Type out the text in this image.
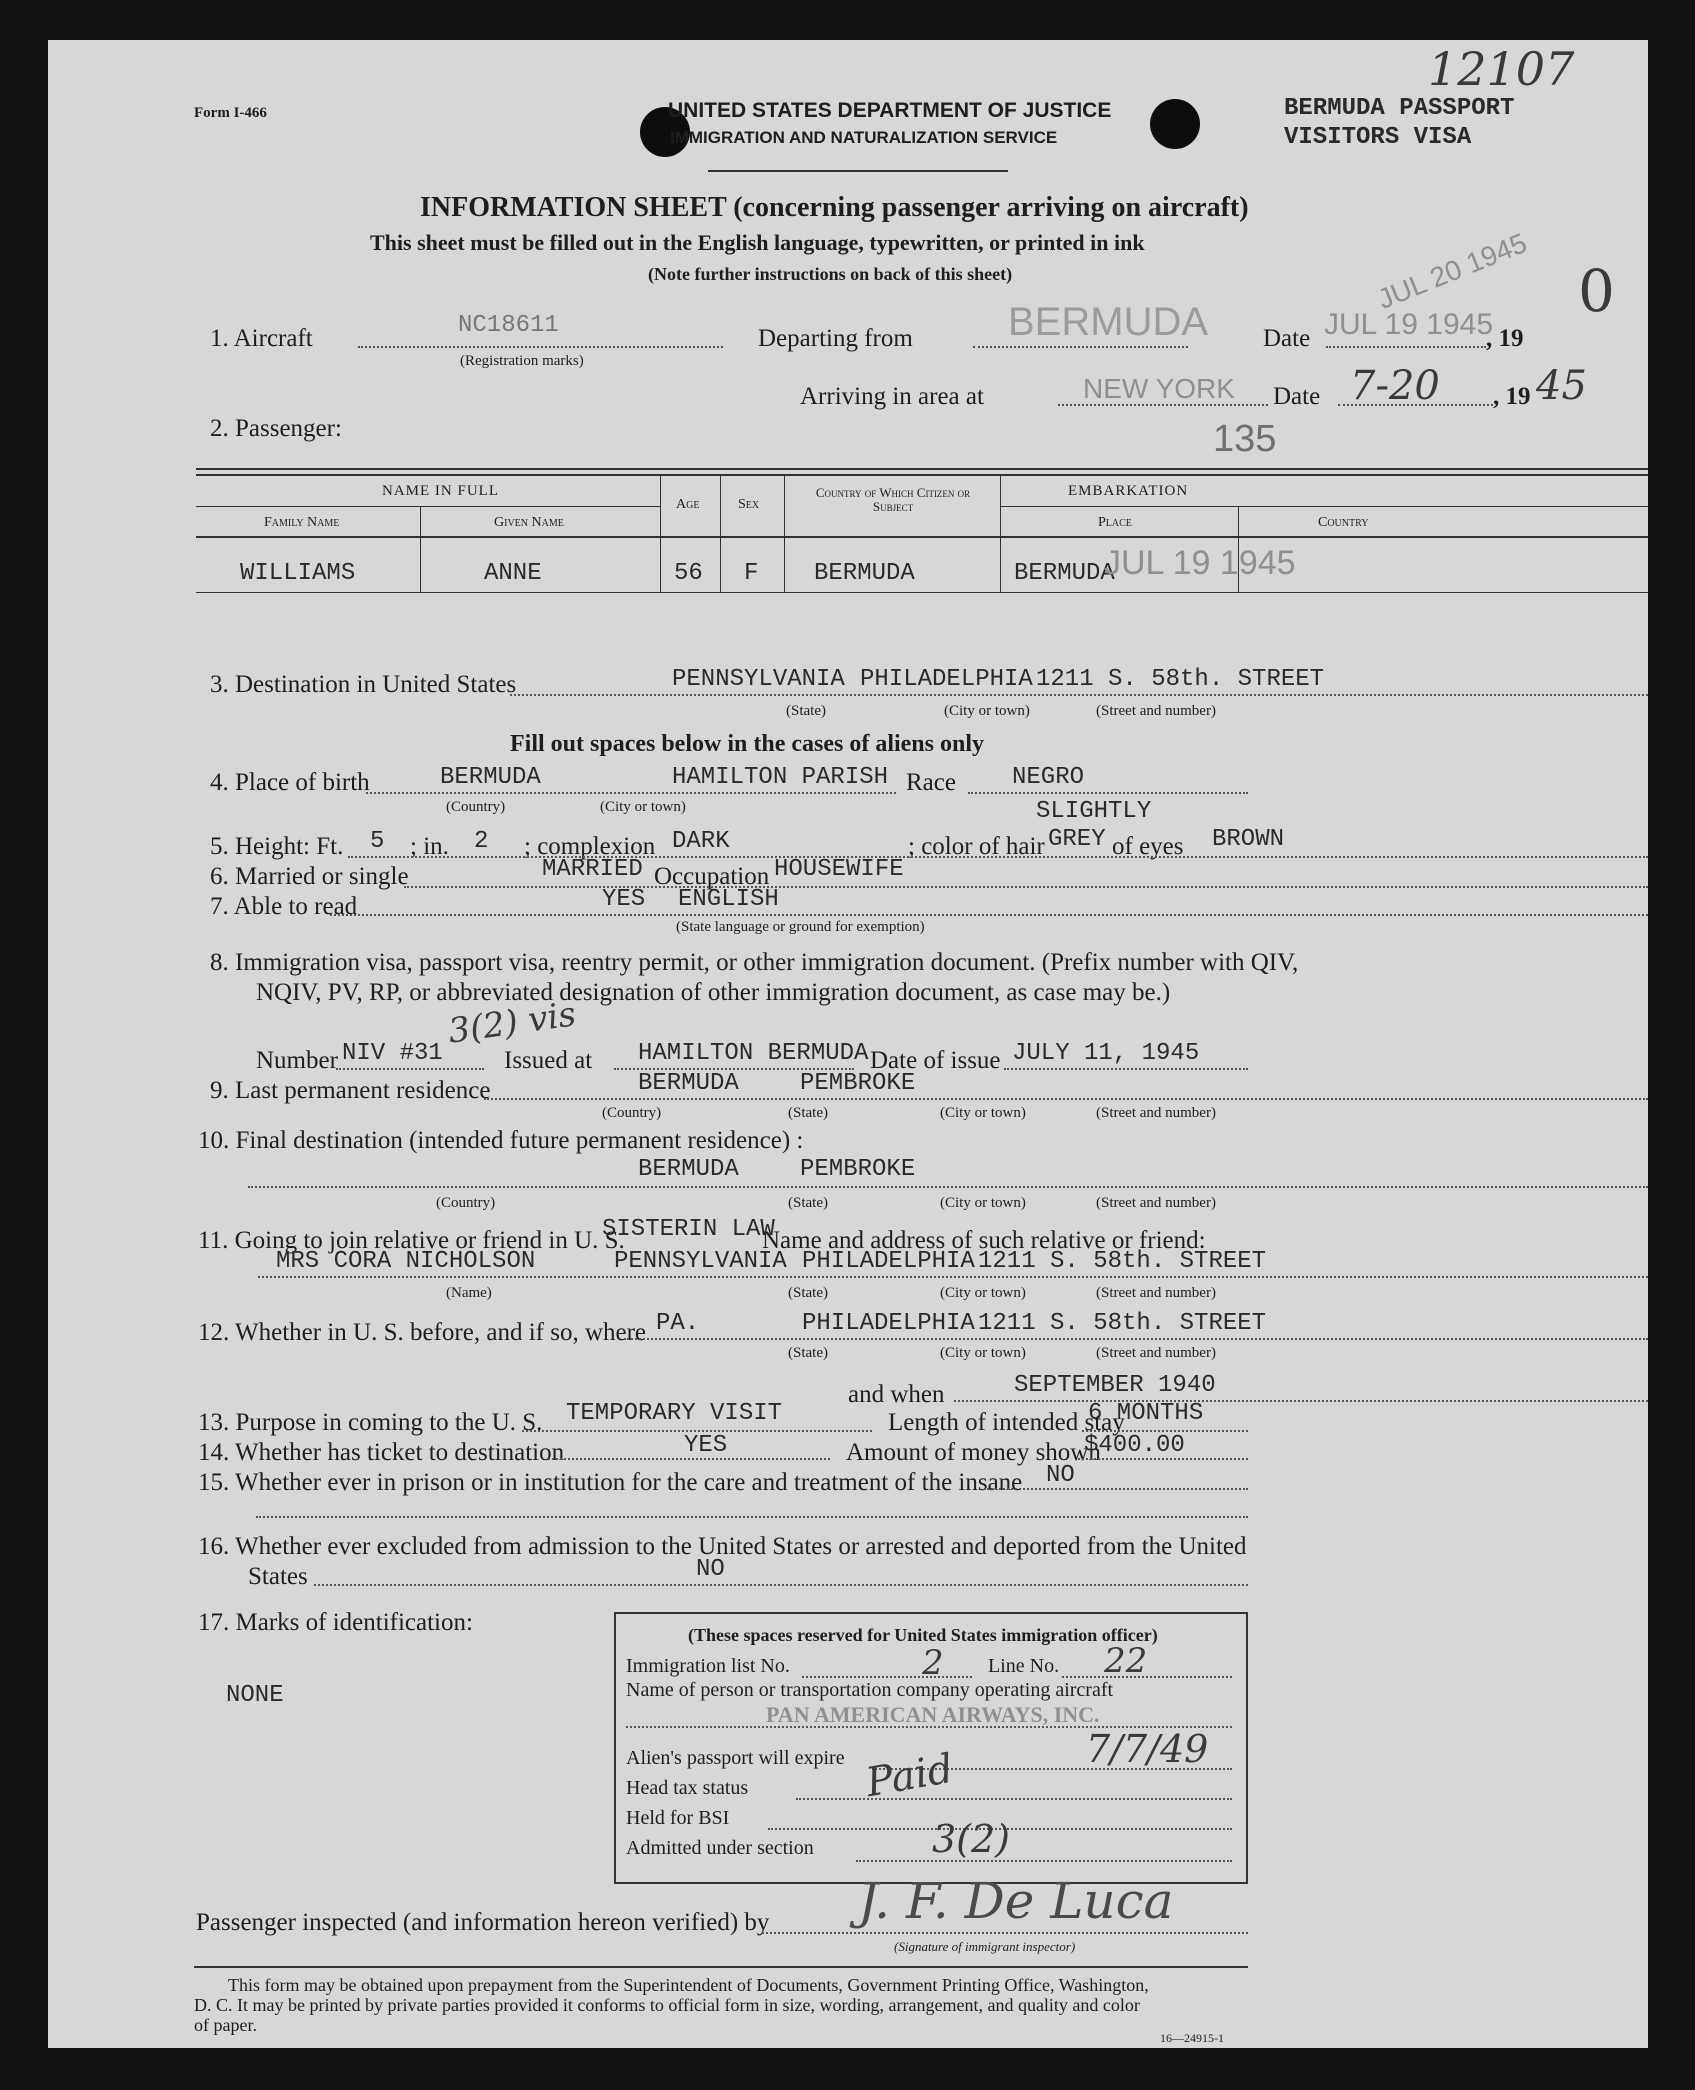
12107
Form I-466	UNITED STATES DEPARTMENT OF JUSTICE
IMMIGRATION AND NATURALIZATION SERVICE
BERMUDA PASSPORT
VISITORS VISA
INFORMATION SHEET (concerning passenger arriving on aircraft)
This sheet must be filled out in the English language, typewritten, or printed in ink
(Note further instructions on back of this sheet)	0
1. Aircraft	NC18611
(Registration marks)
Departing from BERMUDA Date JUL 19 1945
JUL 20 1945
, 19
Arriving in area at	NEW YORK Date 7-20 , 19 45
135
2. Passenger:
NAME IN FULL
Family Name	Given Name
Age	Sex
Country of Which Citizen or Subject
EMBARKATION
Place	Country
WILLIAMS	ANNE	56 F BERMUDA	BERMUDA
JUL 19 1945
3. Destination in United States	PENNSYLVANIA PHILADELPHIA 1211 S. 58th. STREET
(State)	(City or town)	(Street and number)
Fill out spaces below in the cases of aliens only
4. Place of birth	BERMUDA	HAMILTON PARISH
(Country)	(City or town)
Race NEGRO
SLIGHTLY
5. Height: Ft. 5 ; in. 2 ; complexion DARK	; color of hair GREY of eyes BROWN
6. Married or single	MARRIED Occupation HOUSEWIFE
7. Able to read	YES ENGLISH
(State language or ground for exemption)
8. Immigration visa, passport visa, reentry permit, or other immigration document. (Prefix number with QIV,
NQIV, PV, RP, or abbreviated designation of other immigration document, as case may be.)
3(2) vis
Number NIV #31 Issued at HAMILTON BERMUDA Date of issue JULY 11, 1945
9. Last permanent residence	BERMUDA	PEMBROKE
(Country)	(State)	(City or town)	(Street and number)
10. Final destination (intended future permanent residence) :
BERMUDA	PEMBROKE
(Country)	(State)	(City or town)	(Street and number)
11. Going to join relative or friend in U. S.
SISTERIN LAW
Name and address of such relative or friend:
MRS CORA NICHOLSON	PENNSYLVANIA PHILADELPHIA 1211 S. 58th. STREET
(Name)	(State)	(City or town)	(Street and number)
12. Whether in U. S. before, and if so, where PA.	PHILADELPHIA 1211 S. 58th. STREET
(State)	(City or town)	(Street and number)
and when	SEPTEMBER 1940
13. Purpose in coming to the U. S. TEMPORARY VISIT	Length of intended stay
6 MONTHS
14. Whether has ticket to destination	YES	Amount of money shown
$400.00
15. Whether ever in prison or in institution for the care and treatment of the insane NO
16. Whether ever excluded from admission to the United States or arrested and deported from the United
States	NO
17. Marks of identification:
NONE
(These spaces reserved for United States immigration officer)
Immigration list No.	2 Line No. 22
Name of person or transportation company operating aircraft
PAN AMERICAN AIRWAYS, INC.
Alien's passport will expire	7/7/49
Head tax status	Paid
Held for BSI
Admitted under section	3(2)
Passenger inspected (and information hereon verified) by J. F. De Luca
(Signature of immigrant inspector)
This form may be obtained upon prepayment from the Superintendent of Documents, Government Printing Office, Washington,
D. C. It may be printed by private parties provided it conforms to official form in size, wording, arrangement, and quality and color
of paper.
16—24915-1
